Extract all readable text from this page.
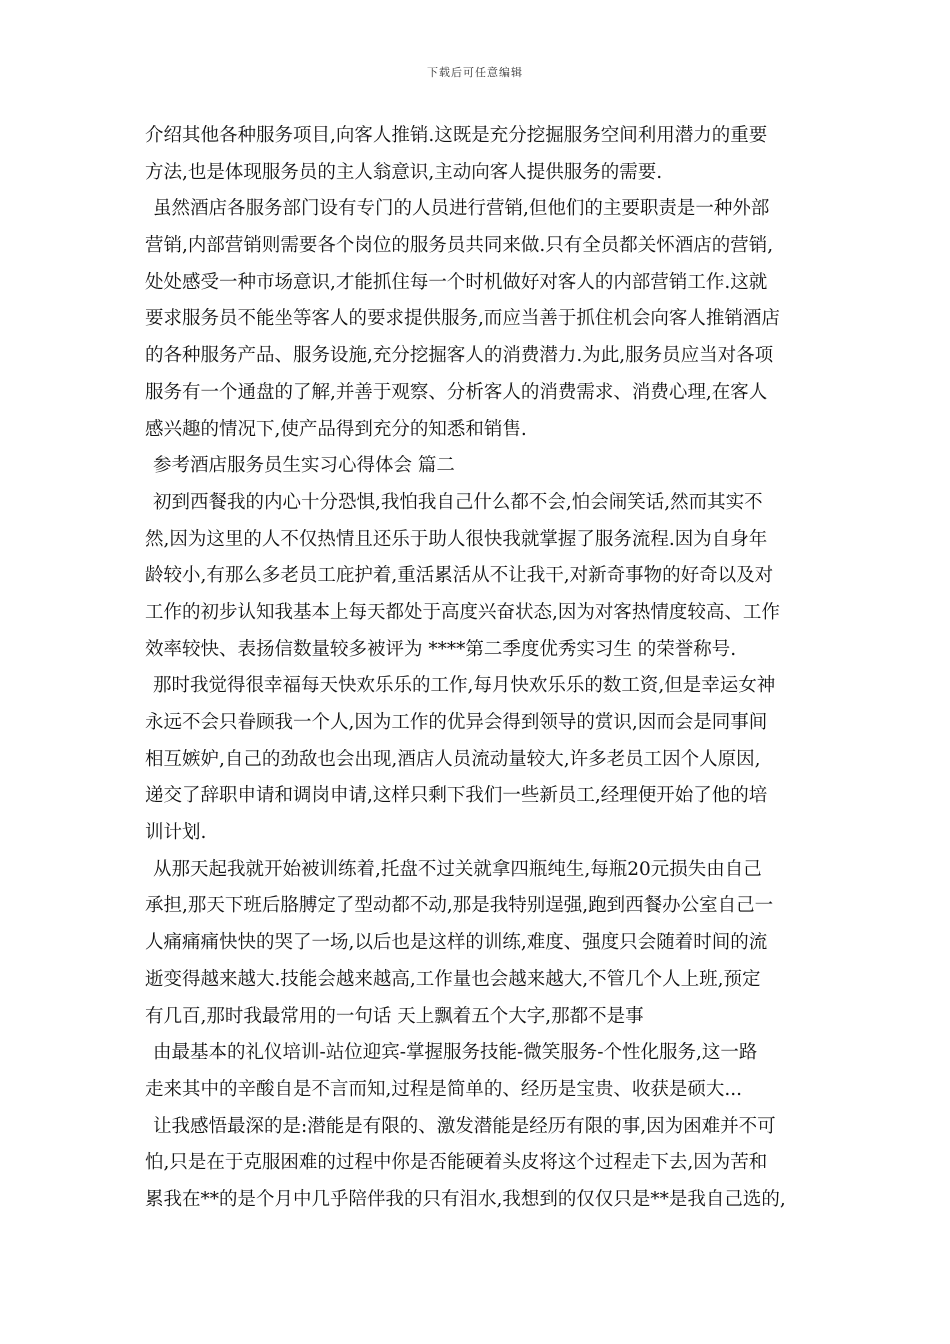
下载后可任意编辑
介绍其他各种服务项目,向客人推销.这既是充分挖掘服务空间利用潜力的重要
方法,也是体现服务员的主人翁意识,主动向客人提供服务的需要.
虽然酒店各服务部门设有专门的人员进行营销,但他们的主要职责是一种外部
营销,内部营销则需要各个岗位的服务员共同来做.只有全员都关怀酒店的营销,
处处感受一种市场意识,才能抓住每一个时机做好对客人的内部营销工作.这就
要求服务员不能坐等客人的要求提供服务,而应当善于抓住机会向客人推销酒店
的各种服务产品、服务设施,充分挖掘客人的消费潜力.为此,服务员应当对各项
服务有一个通盘的了解,并善于观察、分析客人的消费需求、消费心理,在客人
感兴趣的情况下,使产品得到充分的知悉和销售.
参考酒店服务员生实习心得体会 篇二
初到西餐我的内心十分恐惧,我怕我自己什么都不会,怕会闹笑话,然而其实不
然,因为这里的人不仅热情且还乐于助人很快我就掌握了服务流程.因为自身年
龄较小,有那么多老员工庇护着,重活累活从不让我干,对新奇事物的好奇以及对
工作的初步认知我基本上每天都处于高度兴奋状态,因为对客热情度较高、工作
效率较快、表扬信数量较多被评为 ****第二季度优秀实习生 的荣誉称号.
那时我觉得很幸福每天快欢乐乐的工作,每月快欢乐乐的数工资,但是幸运女神
永远不会只眷顾我一个人,因为工作的优异会得到领导的赏识,因而会是同事间
相互嫉妒,自己的劲敌也会出现,酒店人员流动量较大,许多老员工因个人原因,
递交了辞职申请和调岗申请,这样只剩下我们一些新员工,经理便开始了他的培
训计划.
从那天起我就开始被训练着,托盘不过关就拿四瓶纯生,每瓶20元损失由自己
承担,那天下班后胳膊定了型动都不动,那是我特别逞强,跑到西餐办公室自己一
人痛痛痛快快的哭了一场,以后也是这样的训练,难度、强度只会随着时间的流
逝变得越来越大.技能会越来越高,工作量也会越来越大,不管几个人上班,预定
有几百,那时我最常用的一句话 天上飘着五个大字,那都不是事
由最基本的礼仪培训-站位迎宾-掌握服务技能-微笑服务-个性化服务,这一路
走来其中的辛酸自是不言而知,过程是简单的、经历是宝贵、收获是硕大...
让我感悟最深的是:潜能是有限的、激发潜能是经历有限的事,因为困难并不可
怕,只是在于克服困难的过程中你是否能硬着头皮将这个过程走下去,因为苦和
累我在**的是个月中几乎陪伴我的只有泪水,我想到的仅仅只是**是我自己选的,
